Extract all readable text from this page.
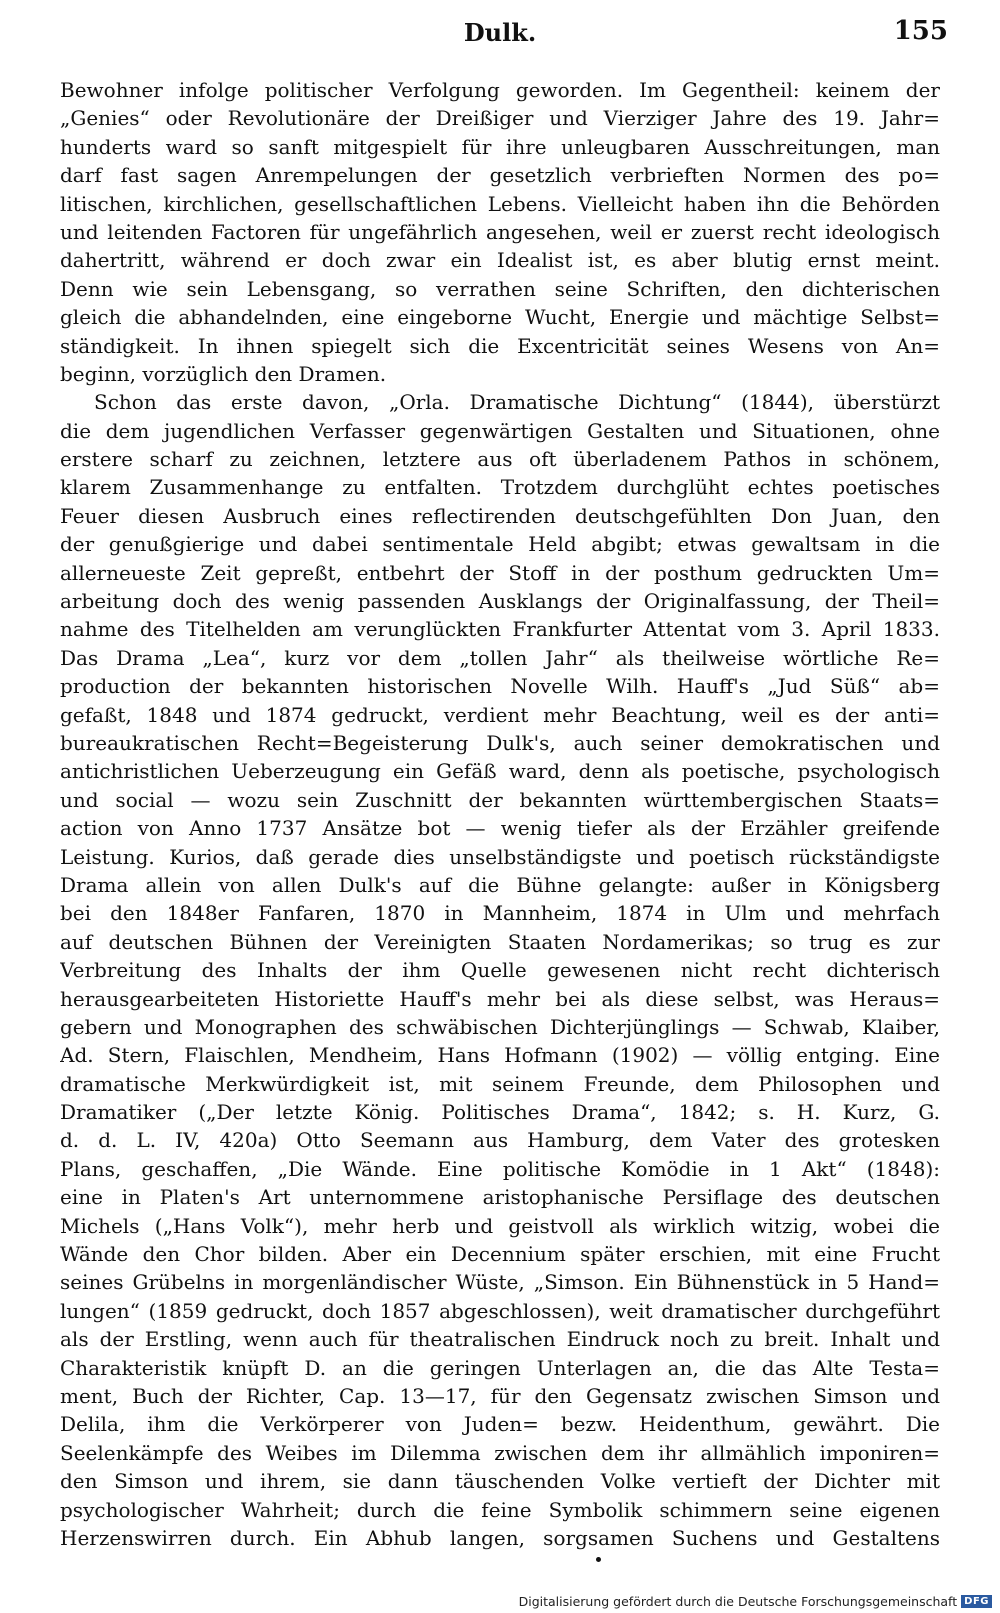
Dulk.	155
Bewohner infolge politischer Verfolgung geworden. Im Gegentheil: keinem der
„Genies“ oder Revolutionäre der Dreißiger und Vierziger Jahre des 19. Jahr=
hunderts ward so sanft mitgespielt für ihre unleugbaren Ausschreitungen, man
darf fast sagen Anrempelungen der gesetzlich verbrieften Normen des po=
litischen, kirchlichen, gesellschaftlichen Lebens. Vielleicht haben ihn die Behörden
und leitenden Factoren für ungefährlich angesehen, weil er zuerst recht ideologisch
dahertritt, während er doch zwar ein Idealist ist, es aber blutig ernst meint.
Denn wie sein Lebensgang, so verrathen seine Schriften, den dichterischen
gleich die abhandelnden, eine eingeborne Wucht, Energie und mächtige Selbst=
ständigkeit. In ihnen spiegelt sich die Excentricität seines Wesens von An=
beginn, vorzüglich den Dramen.
Schon das erste davon, „Orla. Dramatische Dichtung“ (1844), überstürzt
die dem jugendlichen Verfasser gegenwärtigen Gestalten und Situationen, ohne
erstere scharf zu zeichnen, letztere aus oft überladenem Pathos in schönem,
klarem Zusammenhange zu entfalten. Trotzdem durchglüht echtes poetisches
Feuer diesen Ausbruch eines reflectirenden deutschgefühlten Don Juan, den
der genußgierige und dabei sentimentale Held abgibt; etwas gewaltsam in die
allerneueste Zeit gepreßt, entbehrt der Stoff in der posthum gedruckten Um=
arbeitung doch des wenig passenden Ausklangs der Originalfassung, der Theil=
nahme des Titelhelden am verunglückten Frankfurter Attentat vom 3. April 1833.
Das Drama „Lea“, kurz vor dem „tollen Jahr“ als theilweise wörtliche Re=
production der bekannten historischen Novelle Wilh. Hauff's „Jud Süß“ ab=
gefaßt, 1848 und 1874 gedruckt, verdient mehr Beachtung, weil es der anti=
bureaukratischen Recht=Begeisterung Dulk's, auch seiner demokratischen und
antichristlichen Ueberzeugung ein Gefäß ward, denn als poetische, psychologisch
und social — wozu sein Zuschnitt der bekannten württembergischen Staats=
action von Anno 1737 Ansätze bot — wenig tiefer als der Erzähler greifende
Leistung. Kurios, daß gerade dies unselbständigste und poetisch rückständigste
Drama allein von allen Dulk's auf die Bühne gelangte: außer in Königsberg
bei den 1848er Fanfaren, 1870 in Mannheim, 1874 in Ulm und mehrfach
auf deutschen Bühnen der Vereinigten Staaten Nordamerikas; so trug es zur
Verbreitung des Inhalts der ihm Quelle gewesenen nicht recht dichterisch
herausgearbeiteten Historiette Hauff's mehr bei als diese selbst, was Heraus=
gebern und Monographen des schwäbischen Dichterjünglings — Schwab, Klaiber,
Ad. Stern, Flaischlen, Mendheim, Hans Hofmann (1902) — völlig entging. Eine
dramatische Merkwürdigkeit ist, mit seinem Freunde, dem Philosophen und
Dramatiker („Der letzte König. Politisches Drama“, 1842; s. H. Kurz, G.
d. d. L. IV, 420a) Otto Seemann aus Hamburg, dem Vater des grotesken
Plans, geschaffen, „Die Wände. Eine politische Komödie in 1 Akt“ (1848):
eine in Platen's Art unternommene aristophanische Persiflage des deutschen
Michels („Hans Volk“), mehr herb und geistvoll als wirklich witzig, wobei die
Wände den Chor bilden. Aber ein Decennium später erschien, mit eine Frucht
seines Grübelns in morgenländischer Wüste, „Simson. Ein Bühnenstück in 5 Hand=
lungen“ (1859 gedruckt, doch 1857 abgeschlossen), weit dramatischer durchgeführt
als der Erstling, wenn auch für theatralischen Eindruck noch zu breit. Inhalt und
Charakteristik knüpft D. an die geringen Unterlagen an, die das Alte Testa=
ment, Buch der Richter, Cap. 13—17, für den Gegensatz zwischen Simson und
Delila, ihm die Verkörperer von Juden= bezw. Heidenthum, gewährt. Die
Seelenkämpfe des Weibes im Dilemma zwischen dem ihr allmählich imponiren=
den Simson und ihrem, sie dann täuschenden Volke vertieft der Dichter mit
psychologischer Wahrheit; durch die feine Symbolik schimmern seine eigenen
Herzenswirren durch. Ein Abhub langen, sorgsamen Suchens und Gestaltens
Digitalisierung gefördert durch die Deutsche Forschungsgemeinschaft DFG
